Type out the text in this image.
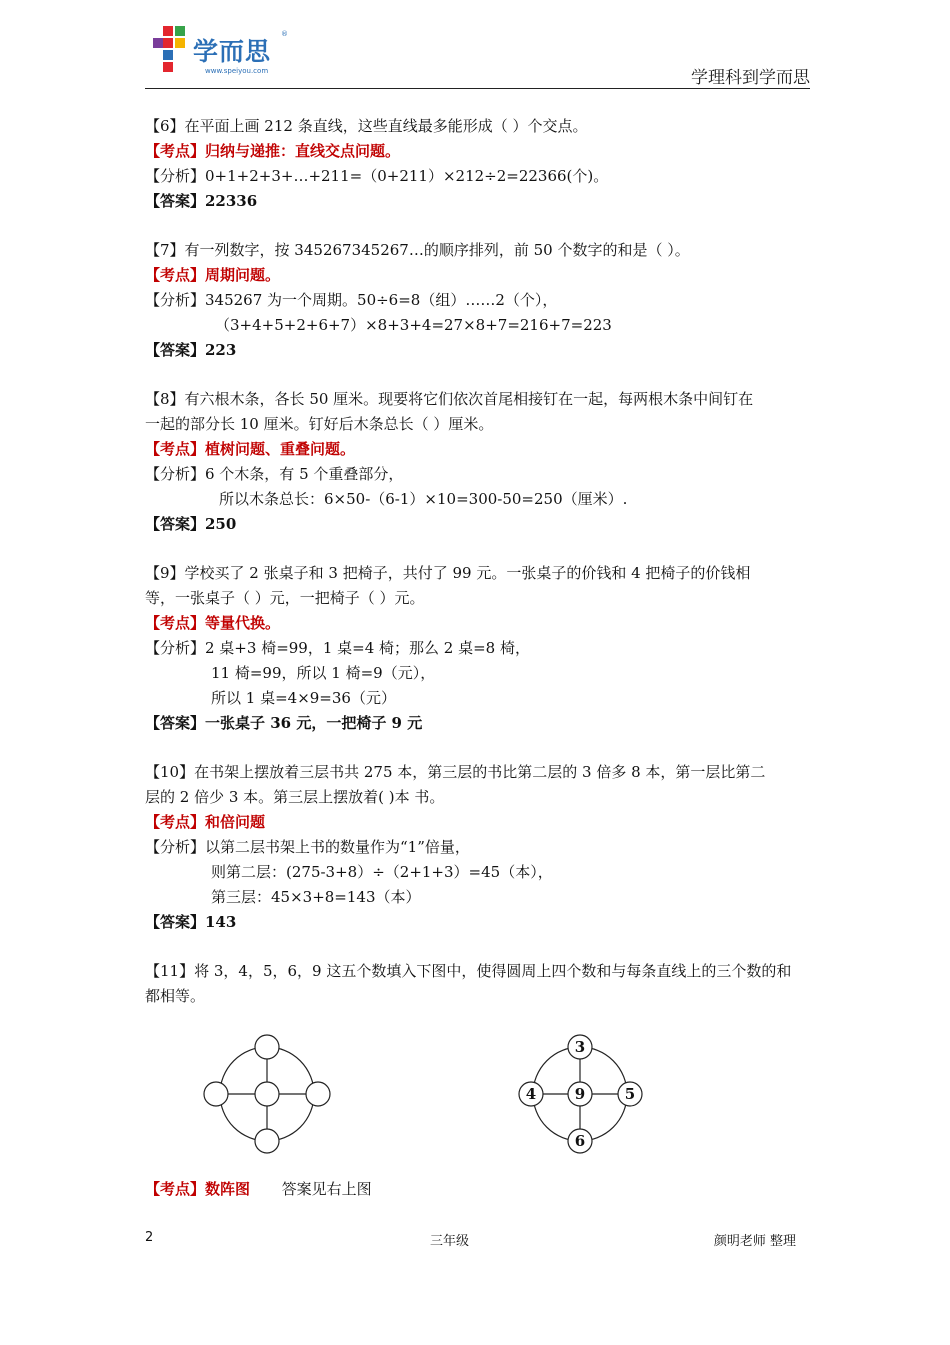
学而思
®
www.speiyou.com	学理科到学而思
【6】在平面上画 212 条直线，这些直线最多能形成（ ）个交点。
【考点】归纳与递推：直线交点问题。
【分析】0+1+2+3+…+211=（0+211）×212÷2=22366(个)。
【答案】22336
【7】有一列数字，按 345267345267…的顺序排列，前 50 个数字的和是（ ）。
【考点】周期问题。
【分析】345267 为一个周期。50÷6=8（组）……2（个），
（3+4+5+2+6+7）×8+3+4=27×8+7=216+7=223
【答案】223
【8】有六根木条，各长 50 厘米。现要将它们依次首尾相接钉在一起，每两根木条中间钉在
一起的部分长 10 厘米。钉好后木条总长（ ）厘米。
【考点】植树问题、重叠问题。
【分析】6 个木条，有 5 个重叠部分，
所以木条总长：6×50-（6-1）×10=300-50=250（厘米）.
【答案】250
【9】学校买了 2 张桌子和 3 把椅子，共付了 99 元。一张桌子的价钱和 4 把椅子的价钱相
等，一张桌子（ ）元，一把椅子（ ）元。
【考点】等量代换。
【分析】2 桌+3 椅=99，1 桌=4 椅；那么 2 桌=8 椅，
11 椅=99，所以 1 椅=9（元），
所以 1 桌=4×9=36（元）
【答案】一张桌子 36 元，一把椅子 9 元
【10】在书架上摆放着三层书共 275 本，第三层的书比第二层的 3 倍多 8 本，第一层比第二
层的 2 倍少 3 本。第三层上摆放着( )本 书。
【考点】和倍问题
【分析】以第二层书架上书的数量作为“1”倍量，
则第二层：(275-3+8）÷（2+1+3）=45（本），
第三层：45×3+8=143（本）
【答案】143
【11】将 3，4，5，6，9 这五个数填入下图中，使得圆周上四个数和与每条直线上的三个数的和
都相等。
3
4	9	5
6
【考点】数阵图 答案见右上图
2	三年级	颜明老师 整理
